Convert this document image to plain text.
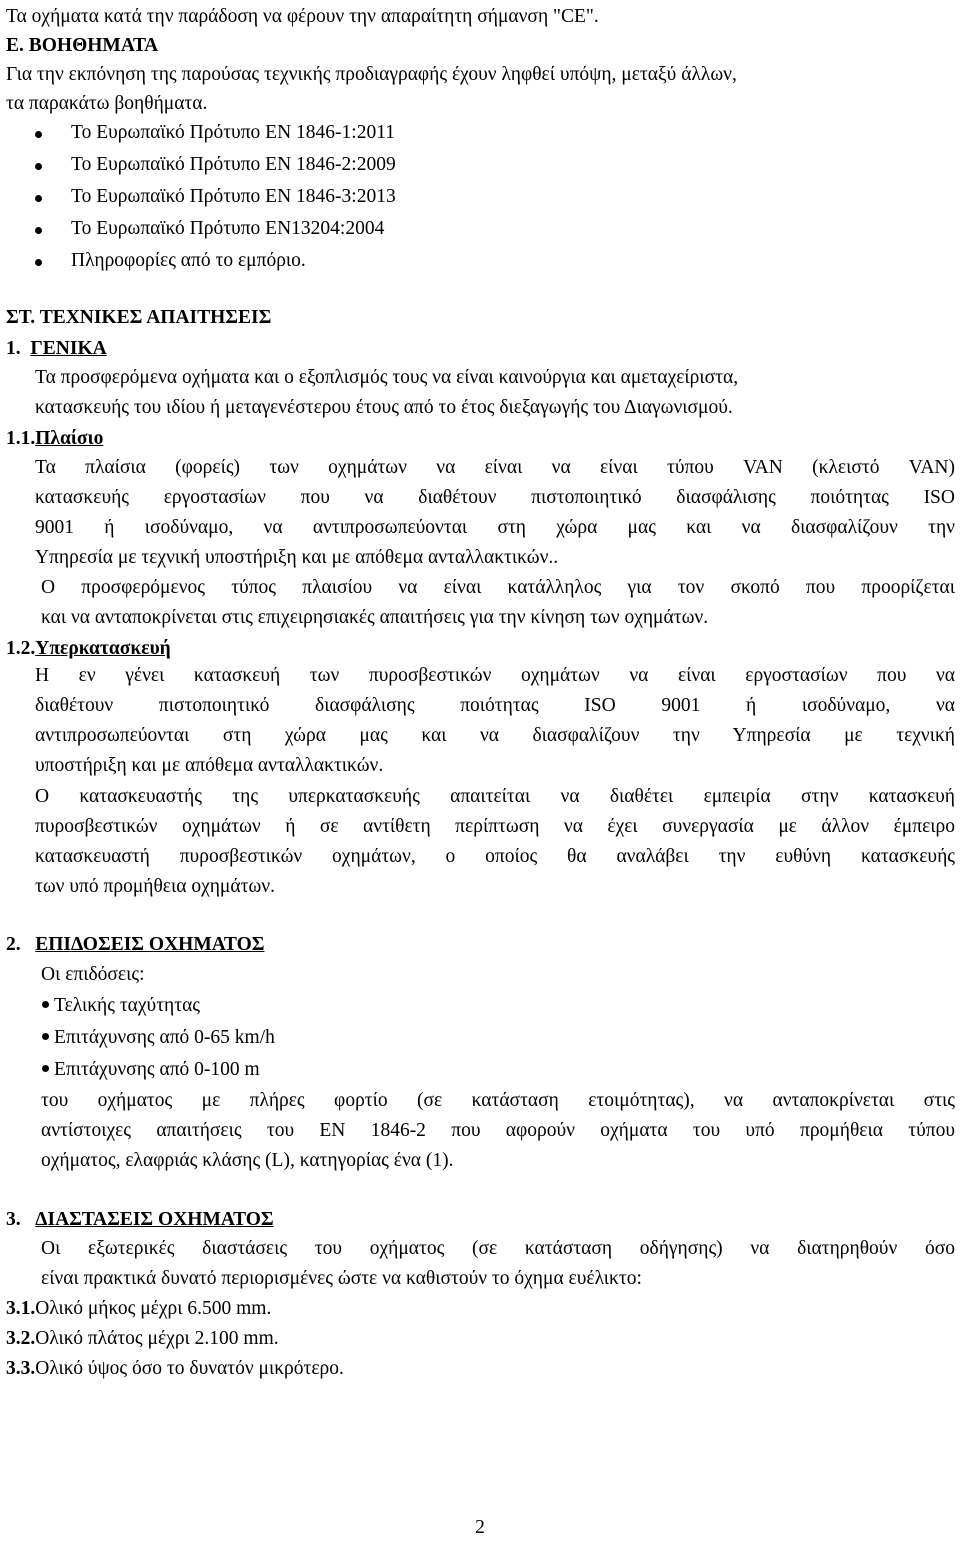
Τα οχήματα κατά την παράδοση να φέρουν την απαραίτητη σήμανση "CE".
Ε. ΒΟΗΘΗΜΑΤΑ
Για την εκπόνηση της παρούσας τεχνικής προδιαγραφής έχουν ληφθεί υπόψη, μεταξύ άλλων,
τα παρακάτω βοηθήματα.
Το Ευρωπαϊκό Πρότυπο ΕΝ 1846-1:2011
Το Ευρωπαϊκό Πρότυπο ΕΝ 1846-2:2009
Το Ευρωπαϊκό Πρότυπο ΕΝ 1846-3:2013
Το Ευρωπαϊκό Πρότυπο ΕΝ13204:2004
Πληροφορίες από το εμπόριο.
ΣΤ. ΤΕΧΝΙΚΕΣ ΑΠΑΙΤΗΣΕΙΣ
1. ΓΕΝΙΚΑ
Τα προσφερόμενα οχήματα και ο εξοπλισμός τους να είναι καινούργια και αμεταχείριστα,
κατασκευής του ιδίου ή μεταγενέστερου έτους από το έτος διεξαγωγής του Διαγωνισμού.
1.1.Πλαίσιο
Τα πλαίσια (φορείς) των οχημάτων να είναι να είναι τύπου VAN (κλειστό VAN)
κατασκευής εργοστασίων που να διαθέτουν πιστοποιητικό διασφάλισης ποιότητας ISO
9001 ή ισοδύναμο, να αντιπροσωπεύονται στη χώρα μας και να διασφαλίζουν την
Υπηρεσία με τεχνική υποστήριξη και με απόθεμα ανταλλακτικών..
Ο προσφερόμενος τύπος πλαισίου να είναι κατάλληλος για τον σκοπό που προορίζεται
και να ανταποκρίνεται στις επιχειρησιακές απαιτήσεις για την κίνηση των οχημάτων.
1.2.Υπερκατασκευή
Η εν γένει κατασκευή των πυροσβεστικών οχημάτων να είναι εργοστασίων που να
διαθέτουν πιστοποιητικό διασφάλισης ποιότητας ISO 9001 ή ισοδύναμο, να
αντιπροσωπεύονται στη χώρα μας και να διασφαλίζουν την Υπηρεσία με τεχνική
υποστήριξη και με απόθεμα ανταλλακτικών.
Ο κατασκευαστής της υπερκατασκευής απαιτείται να διαθέτει εμπειρία στην κατασκευή
πυροσβεστικών οχημάτων ή σε αντίθετη περίπτωση να έχει συνεργασία με άλλον έμπειρο
κατασκευαστή πυροσβεστικών οχημάτων, ο οποίος θα αναλάβει την ευθύνη κατασκευής
των υπό προμήθεια οχημάτων.
2. ΕΠΙΔΟΣΕΙΣ ΟΧΗΜΑΤΟΣ
Οι επιδόσεις:
Τελικής ταχύτητας
Επιτάχυνσης από 0-65 km/h
Επιτάχυνσης από 0-100 m
του οχήματος με πλήρες φορτίο (σε κατάσταση ετοιμότητας), να ανταποκρίνεται στις
αντίστοιχες απαιτήσεις του ΕΝ 1846-2 που αφορούν οχήματα του υπό προμήθεια τύπου
οχήματος, ελαφριάς κλάσης (L), κατηγορίας ένα (1).
3. ΔΙΑΣΤΑΣΕΙΣ ΟΧΗΜΑΤΟΣ
Οι εξωτερικές διαστάσεις του οχήματος (σε κατάσταση οδήγησης) να διατηρηθούν όσο
είναι πρακτικά δυνατό περιορισμένες ώστε να καθιστούν το όχημα ευέλικτο:
3.1.Ολικό μήκος μέχρι 6.500 mm.
3.2.Ολικό πλάτος μέχρι 2.100 mm.
3.3.Ολικό ύψος όσο το δυνατόν μικρότερο.
2
